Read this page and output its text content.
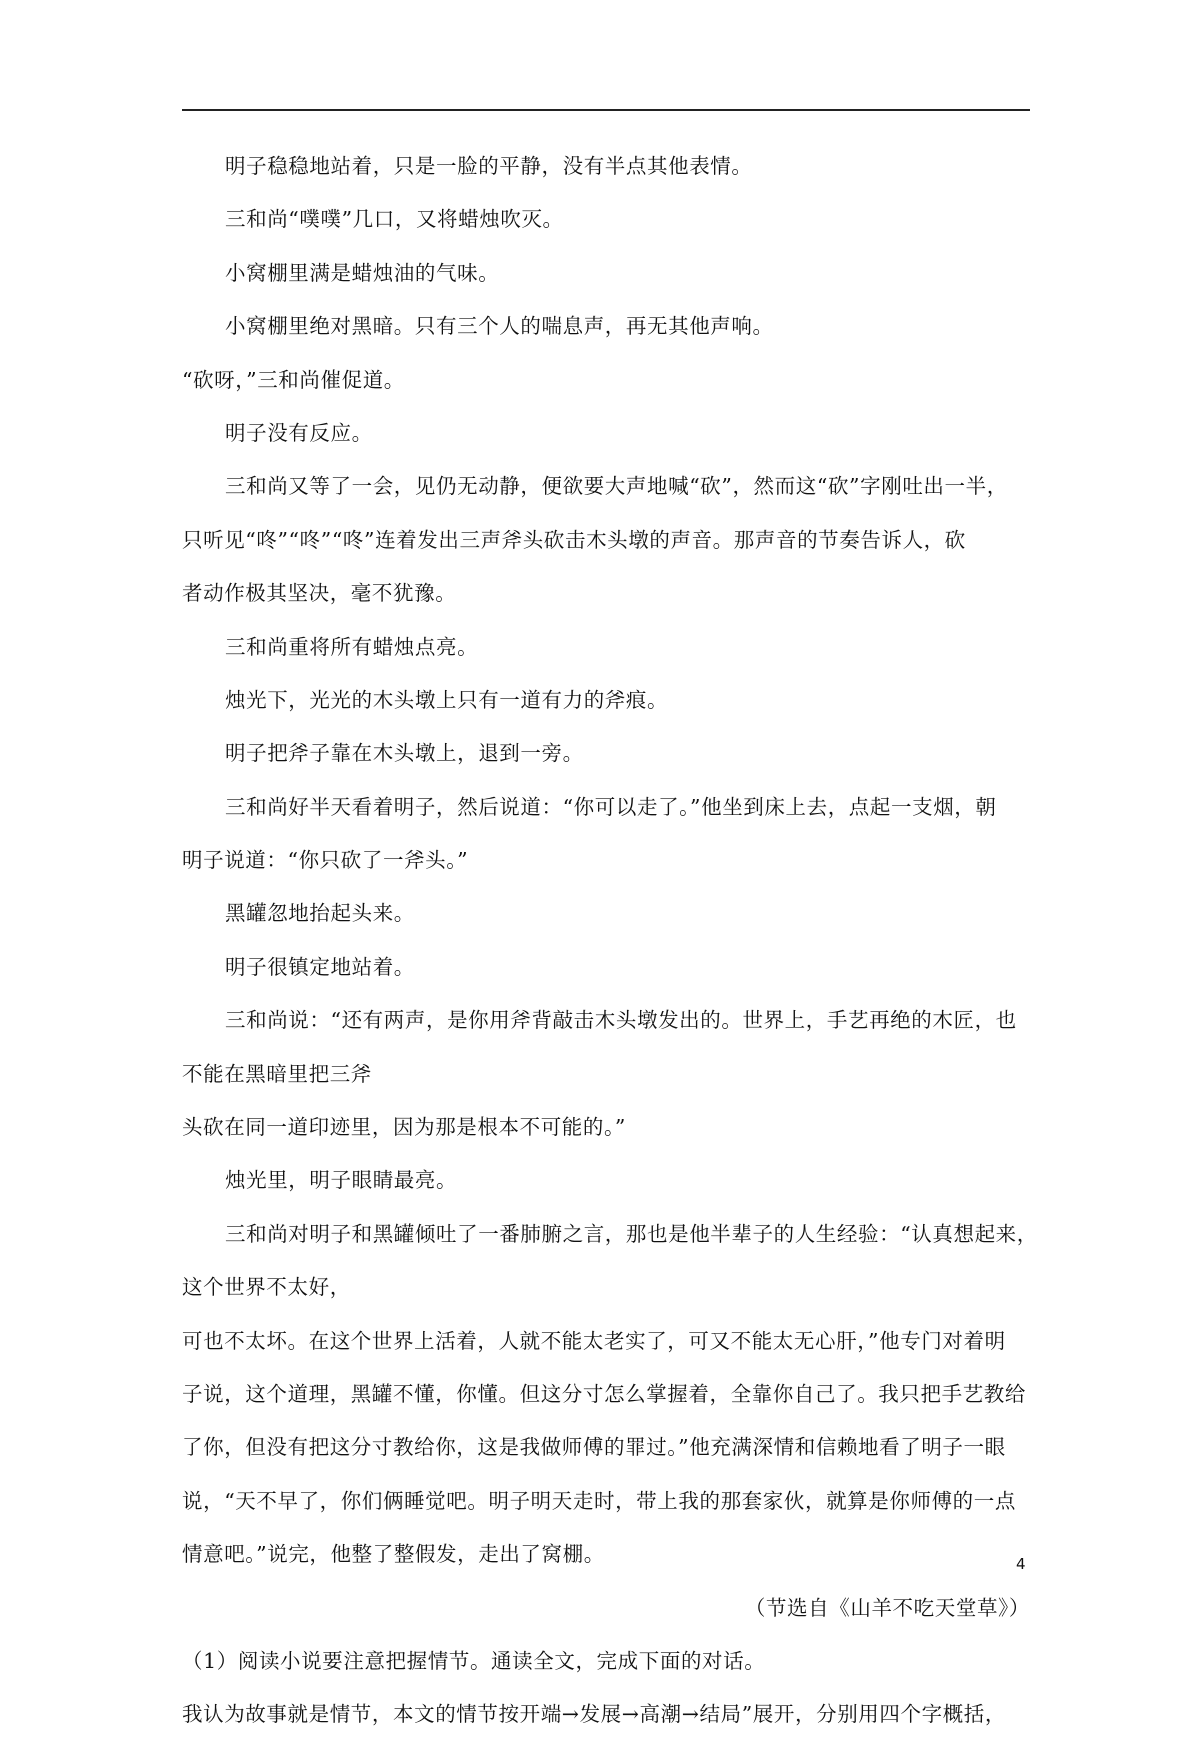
明子稳稳地站着，只是一脸的平静，没有半点其他表情。
三和尚“噗噗”几口，又将蜡烛吹灭。
小窝棚里满是蜡烛油的气味。
小窝棚里绝对黑暗。只有三个人的喘息声，再无其他声响。
“砍呀，”三和尚催促道。
明子没有反应。
三和尚又等了一会，见仍无动静，便欲要大声地喊“砍”，然而这“砍”字刚吐出一半，
只听见“咚”“咚”“咚”连着发出三声斧头砍击木头墩的声音。那声音的节奏告诉人，砍
者动作极其坚决，毫不犹豫。
三和尚重将所有蜡烛点亮。
烛光下，光光的木头墩上只有一道有力的斧痕。
明子把斧子靠在木头墩上，退到一旁。
三和尚好半天看着明子，然后说道：“你可以走了。”他坐到床上去，点起一支烟，朝
明子说道：“你只砍了一斧头。”
黑罐忽地抬起头来。
明子很镇定地站着。
三和尚说：“还有两声，是你用斧背敲击木头墩发出的。世界上，手艺再绝的木匠，也
不能在黑暗里把三斧
头砍在同一道印迹里，因为那是根本不可能的。”
烛光里，明子眼睛最亮。
三和尚对明子和黑罐倾吐了一番肺腑之言，那也是他半辈子的人生经验：“认真想起来，
这个世界不太好，
可也不太坏。在这个世界上活着，人就不能太老实了，可又不能太无心肝，”他专门对着明
子说，这个道理，黑罐不懂，你懂。但这分寸怎么掌握着，全靠你自己了。我只把手艺教给
了你，但没有把这分寸教给你，这是我做师傅的罪过。”他充满深情和信赖地看了明子一眼
说，“天不早了，你们俩睡觉吧。明子明天走时，带上我的那套家伙，就算是你师傅的一点
情意吧。”说完，他整了整假发，走出了窝棚。
（节选自《山羊不吃天堂草》）
（1）阅读小说要注意把握情节。通读全文，完成下面的对话。
我认为故事就是情节，本文的情节按开端→发展→高潮→结局”展开，分别用四个字概括，
4
